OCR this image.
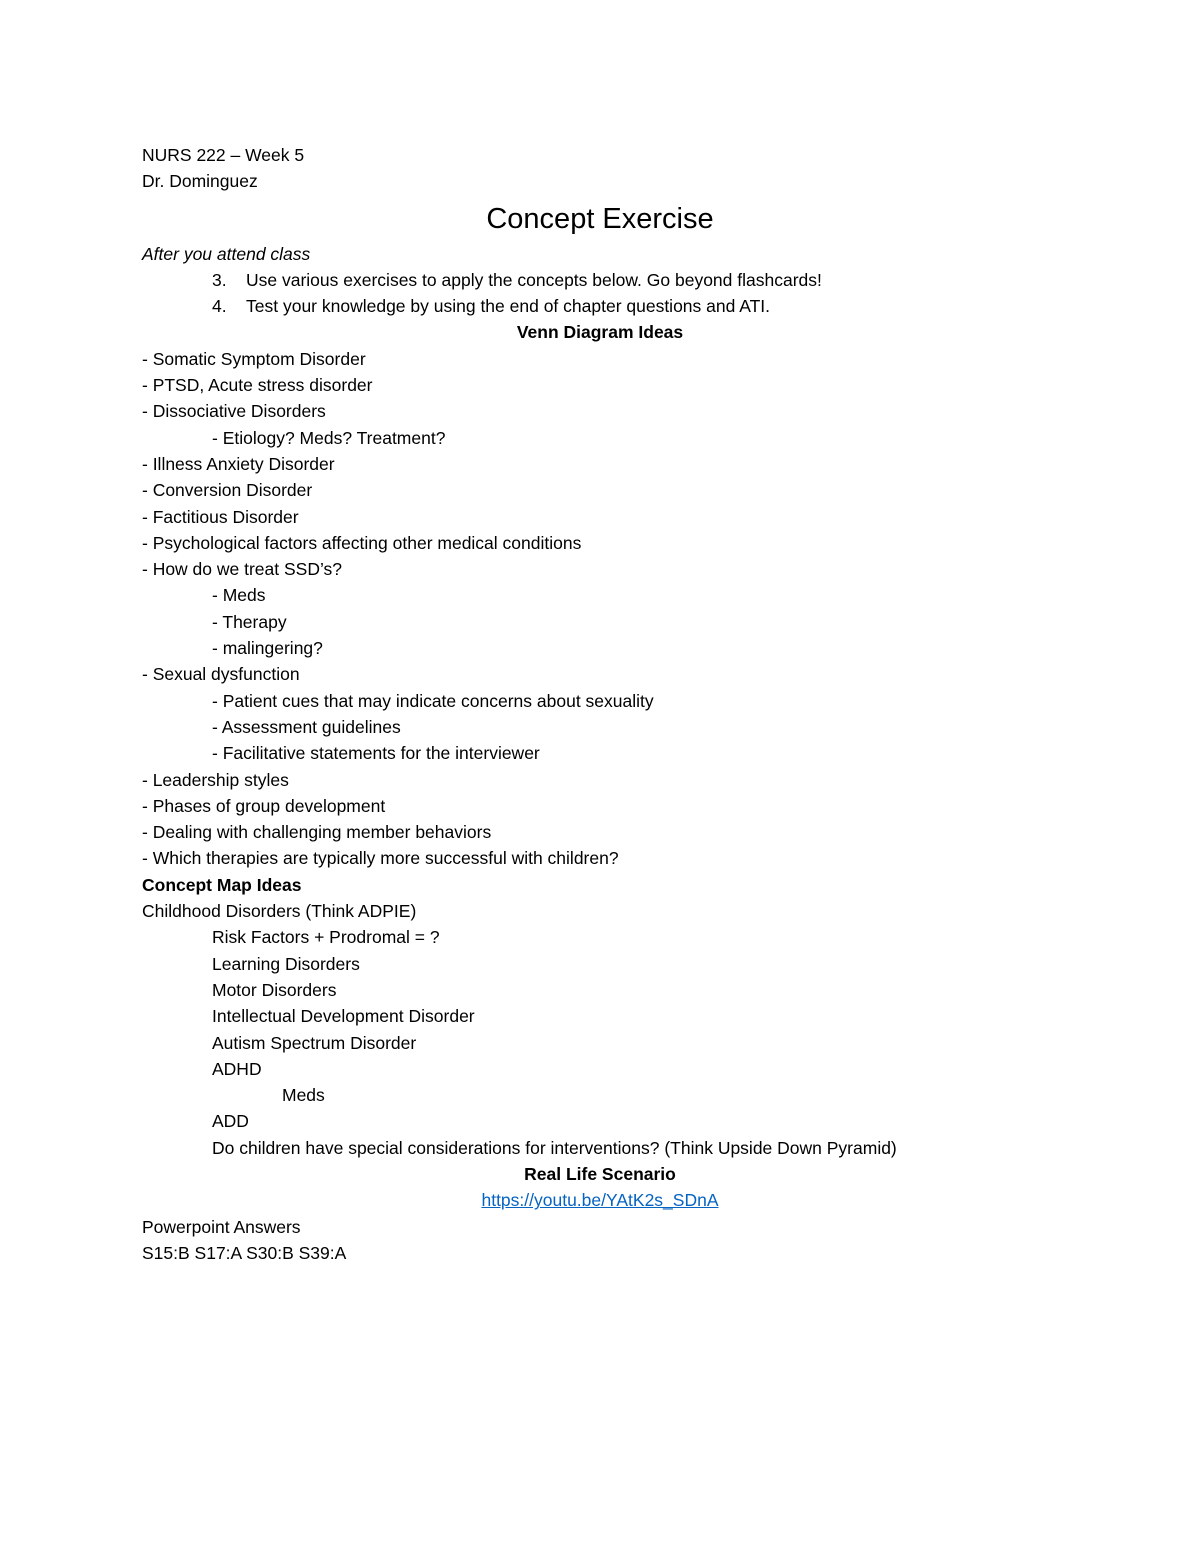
NURS 222 – Week 5
Dr. Dominguez
Concept Exercise
After you attend class
3. Use various exercises to apply the concepts below. Go beyond flashcards!
4. Test your knowledge by using the end of chapter questions and ATI.
Venn Diagram Ideas
- Somatic Symptom Disorder
- PTSD, Acute stress disorder
- Dissociative Disorders
- Etiology? Meds? Treatment?
- Illness Anxiety Disorder
- Conversion Disorder
- Factitious Disorder
- Psychological factors affecting other medical conditions
- How do we treat SSD’s?
- Meds
- Therapy
- malingering?
- Sexual dysfunction
- Patient cues that may indicate concerns about sexuality
- Assessment guidelines
- Facilitative statements for the interviewer
- Leadership styles
- Phases of group development
- Dealing with challenging member behaviors
- Which therapies are typically more successful with children?
Concept Map Ideas
Childhood Disorders (Think ADPIE)
Risk Factors + Prodromal = ?
Learning Disorders
Motor Disorders
Intellectual Development Disorder
Autism Spectrum Disorder
ADHD
Meds
ADD
Do children have special considerations for interventions? (Think Upside Down Pyramid)
Real Life Scenario
https://youtu.be/YAtK2s_SDnA
Powerpoint Answers
S15:B S17:A S30:B S39:A
